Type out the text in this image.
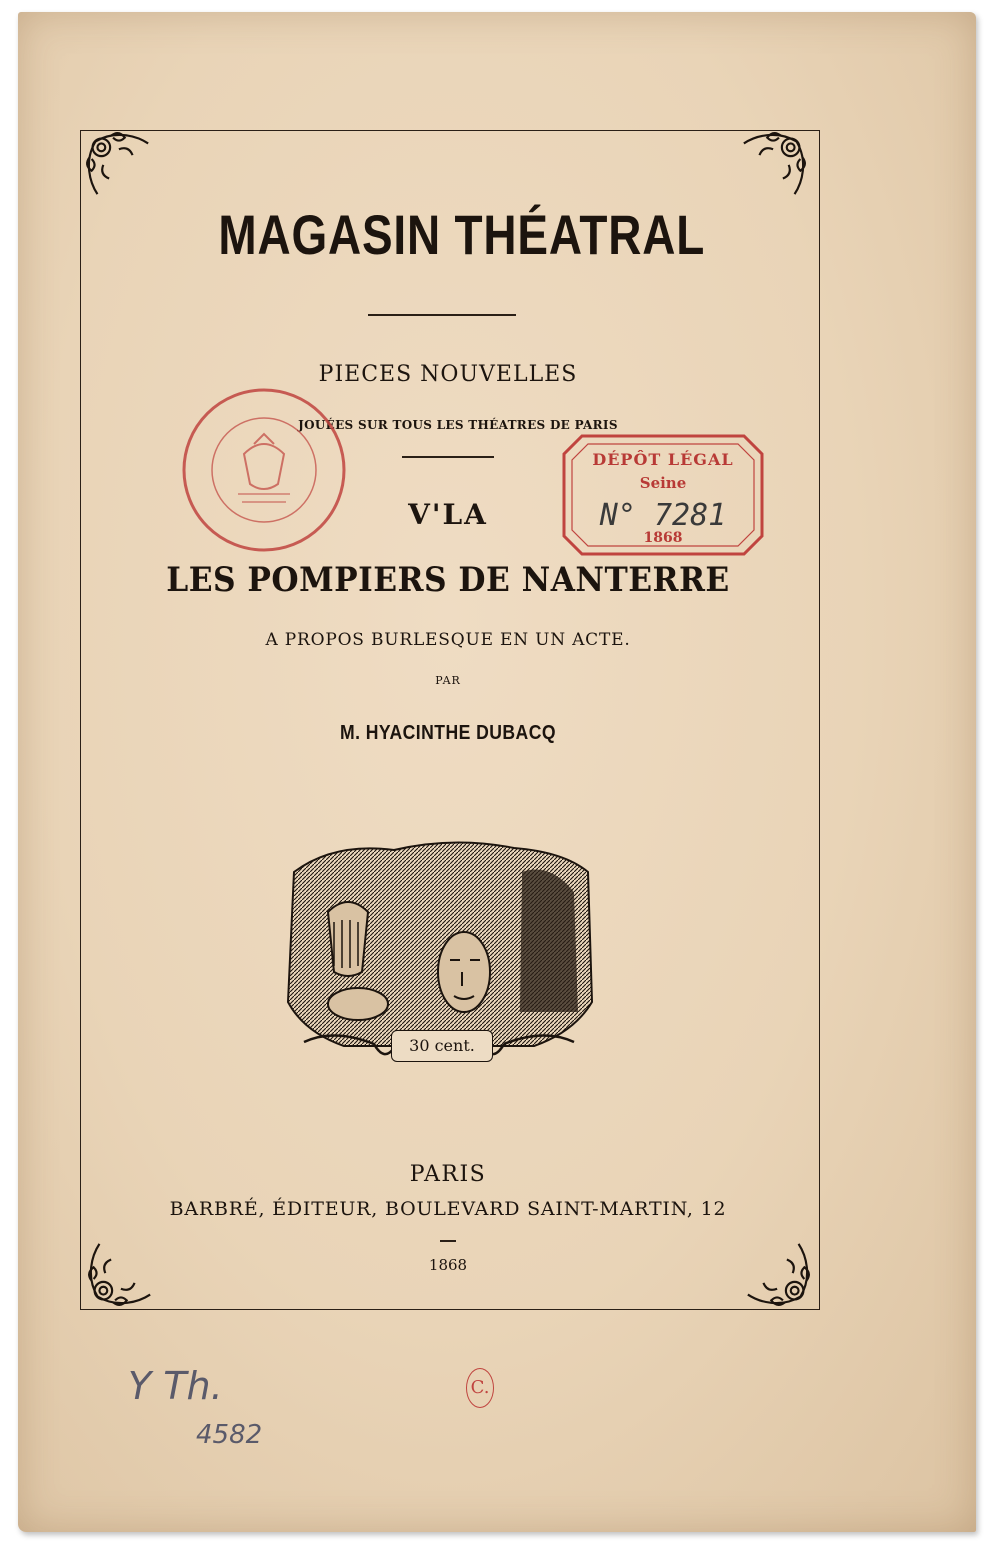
MAGASIN THÉATRAL
PIECES NOUVELLES
JOUÉES SUR TOUS LES THÉATRES DE PARIS
V'LA
LES POMPIERS DE NANTERRE
A PROPOS BURLESQUE EN UN ACTE.
PAR
M. HYACINTHE DUBACQ
30 cent.
PARIS
BARBRÉ, ÉDITEUR, BOULEVARD SAINT-MARTIN, 12
1868
DÉPÔT LÉGAL
Seine
N° 7281
1868
Y Th.
4582
C.
